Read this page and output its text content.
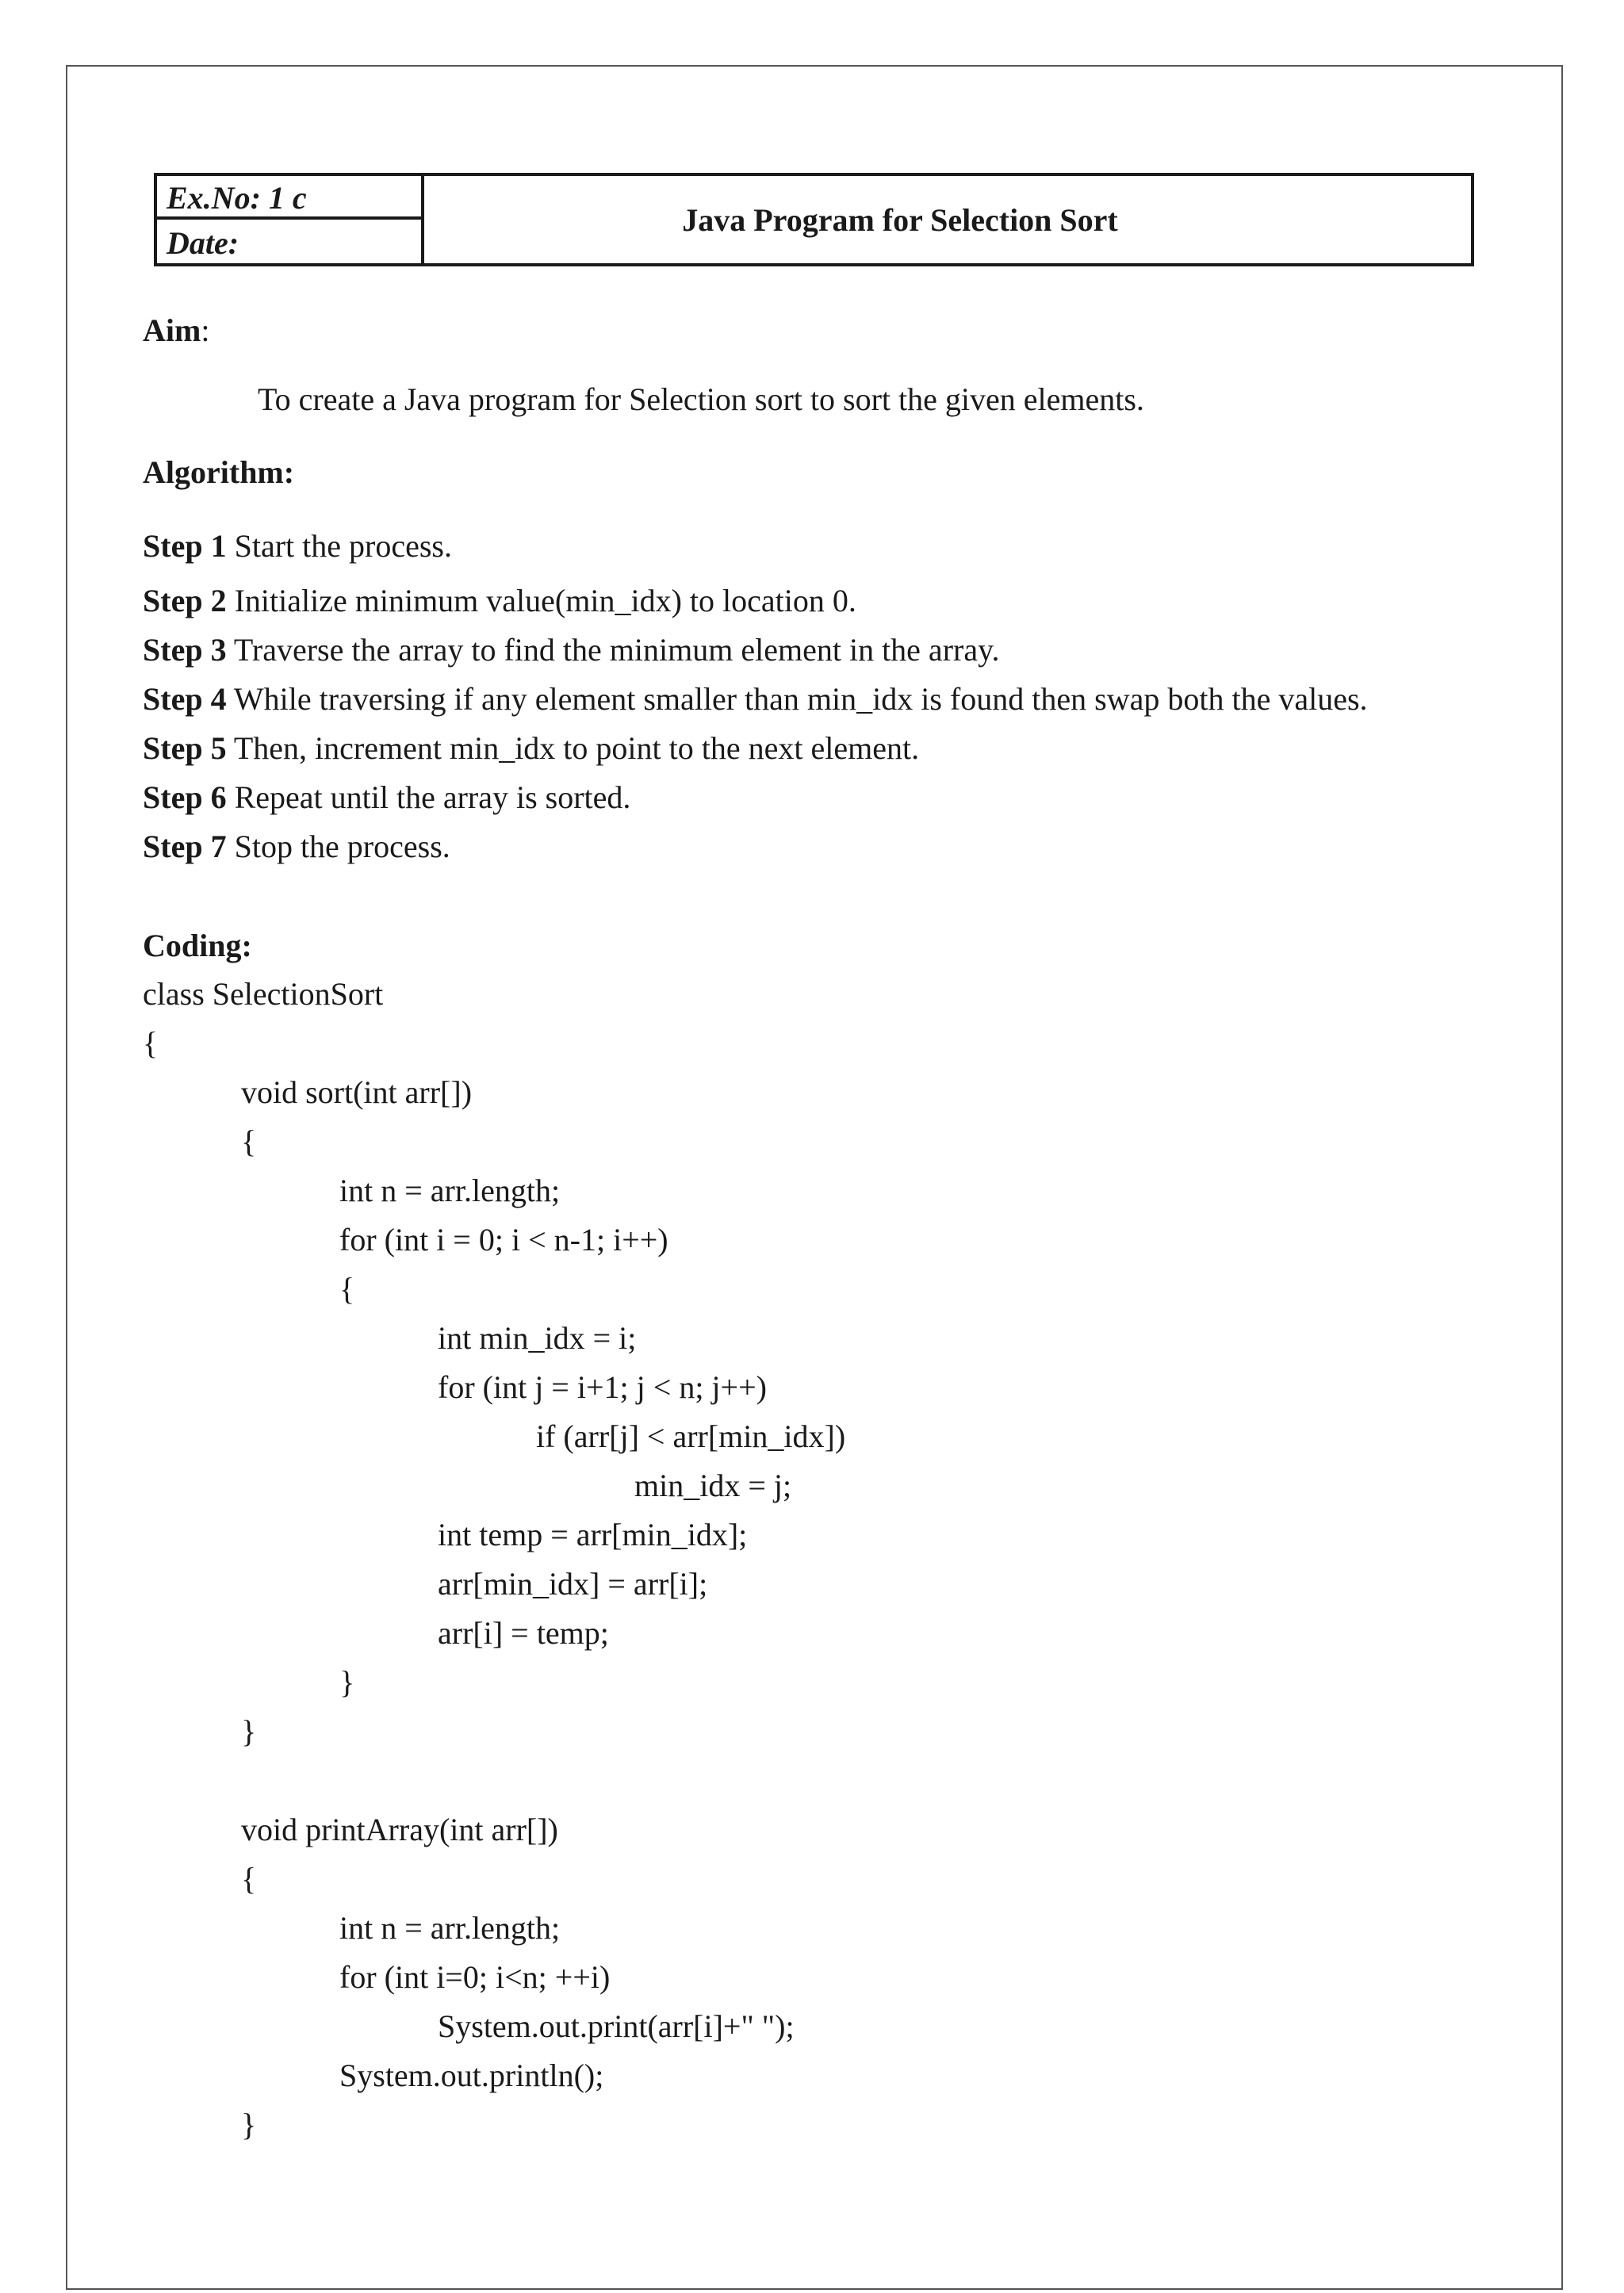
Ex.No: 1 c
Date:
Java Program for Selection Sort
Aim:
To create a Java program for Selection sort to sort the given elements.
Algorithm:
Step 1 Start the process.
Step 2 Initialize minimum value(min_idx) to location 0.
Step 3 Traverse the array to find the minimum element in the array.
Step 4 While traversing if any element smaller than min_idx is found then swap both the values.
Step 5 Then, increment min_idx to point to the next element.
Step 6 Repeat until the array is sorted.
Step 7 Stop the process.
Coding:
class SelectionSort
{
void sort(int arr[])
{
int n = arr.length;
for (int i = 0; i < n-1; i++)
{
int min_idx = i;
for (int j = i+1; j < n; j++)
if (arr[j] < arr[min_idx])
min_idx = j;
int temp = arr[min_idx];
arr[min_idx] = arr[i];
arr[i] = temp;
}
}
void printArray(int arr[])
{
int n = arr.length;
for (int i=0; i<n; ++i)
System.out.print(arr[i]+" ");
System.out.println();
}
